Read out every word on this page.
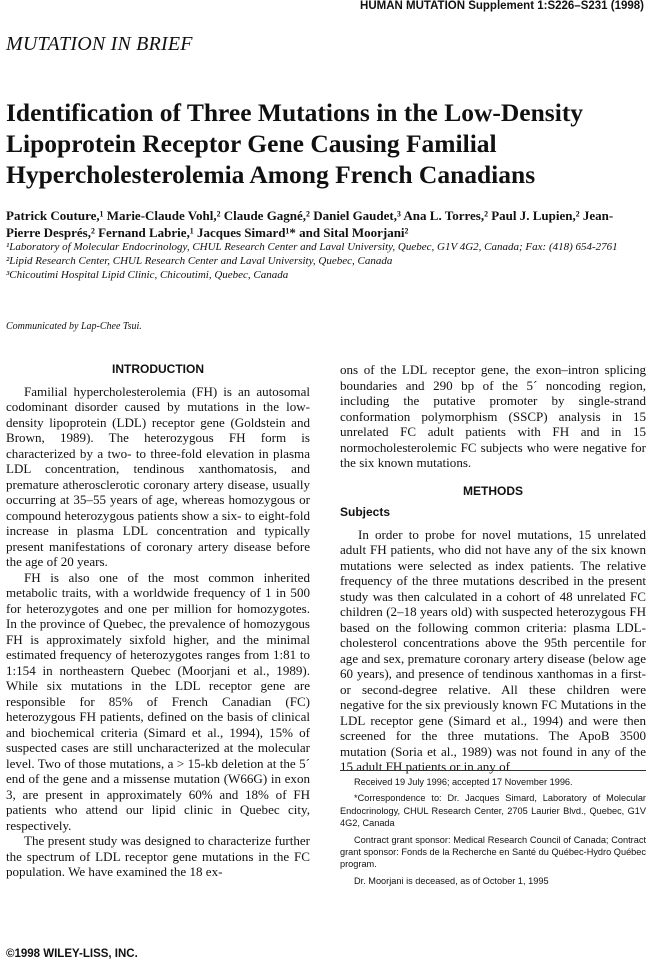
HUMAN MUTATION Supplement 1:S226–S231 (1998)
MUTATION IN BRIEF
Identification of Three Mutations in the Low-Density Lipoprotein Receptor Gene Causing Familial Hypercholesterolemia Among French Canadians
Patrick Couture,¹ Marie-Claude Vohl,² Claude Gagné,² Daniel Gaudet,³ Ana L. Torres,² Paul J. Lupien,² Jean-Pierre Després,² Fernand Labrie,¹ Jacques Simard¹* and Sital Moorjani²
¹Laboratory of Molecular Endocrinology, CHUL Research Center and Laval University, Quebec, G1V 4G2, Canada; Fax: (418) 654-2761
²Lipid Research Center, CHUL Research Center and Laval University, Quebec, Canada
³Chicoutimi Hospital Lipid Clinic, Chicoutimi, Quebec, Canada
Communicated by Lap-Chee Tsui.
INTRODUCTION

Familial hypercholesterolemia (FH) is an autosomal codominant disorder caused by mutations in the low-density lipoprotein (LDL) receptor gene (Goldstein and Brown, 1989). The heterozygous FH form is characterized by a two- to three-fold elevation in plasma LDL concentration, tendinous xanthomatosis, and premature atherosclerotic coronary artery disease, usually occurring at 35–55 years of age, whereas homozygous or compound heterozygous patients show a six- to eight-fold increase in plasma LDL concentration and typically present manifestations of coronary artery disease before the age of 20 years.

FH is also one of the most common inherited metabolic traits, with a worldwide frequency of 1 in 500 for heterozygotes and one per million for homozygotes. In the province of Quebec, the prevalence of homozygous FH is approximately sixfold higher, and the minimal estimated frequency of heterozygotes ranges from 1:81 to 1:154 in northeastern Quebec (Moorjani et al., 1989). While six mutations in the LDL receptor gene are responsible for 85% of French Canadian (FC) heterozygous FH patients, defined on the basis of clinical and biochemical criteria (Simard et al., 1994), 15% of suspected cases are still uncharacterized at the molecular level. Two of those mutations, a > 15-kb deletion at the 5´ end of the gene and a missense mutation (W66G) in exon 3, are present in approximately 60% and 18% of FH patients who attend our lipid clinic in Quebec city, respectively.

The present study was designed to characterize further the spectrum of LDL receptor gene mutations in the FC population. We have examined the 18 ex-

ons of the LDL receptor gene, the exon–intron splicing boundaries and 290 bp of the 5´ noncoding region, including the putative promoter by single-strand conformation polymorphism (SSCP) analysis in 15 unrelated FC adult patients with FH and in 15 normocholesterolemic FC subjects who were negative for the six known mutations.

METHODS
Subjects

In order to probe for novel mutations, 15 unrelated adult FH patients, who did not have any of the six known mutations were selected as index patients. The relative frequency of the three mutations described in the present study was then calculated in a cohort of 48 unrelated FC children (2–18 years old) with suspected heterozygous FH based on the following common criteria: plasma LDL-cholesterol concentrations above the 95th percentile for age and sex, premature coronary artery disease (below age 60 years), and presence of tendinous xanthomas in a first- or second-degree relative. All these children were negative for the six previously known FC Mutations in the LDL receptor gene (Simard et al., 1994) and were then screened for the three mutations. The ApoB 3500 mutation (Soria et al., 1989) was not found in any of the 15 adult FH patients or in any of

Received 19 July 1996; accepted 17 November 1996.

*Correspondence to: Dr. Jacques Simard, Laboratory of Molecular Endocrinology, CHUL Research Center, 2705 Laurier Blvd., Quebec, G1V 4G2, Canada

Contract grant sponsor: Medical Research Council of Canada; Contract grant sponsor: Fonds de la Recherche en Santé du Québec-Hydro Québec program.

Dr. Moorjani is deceased, as of October 1, 1995

©1998 WILEY-LISS, INC.
